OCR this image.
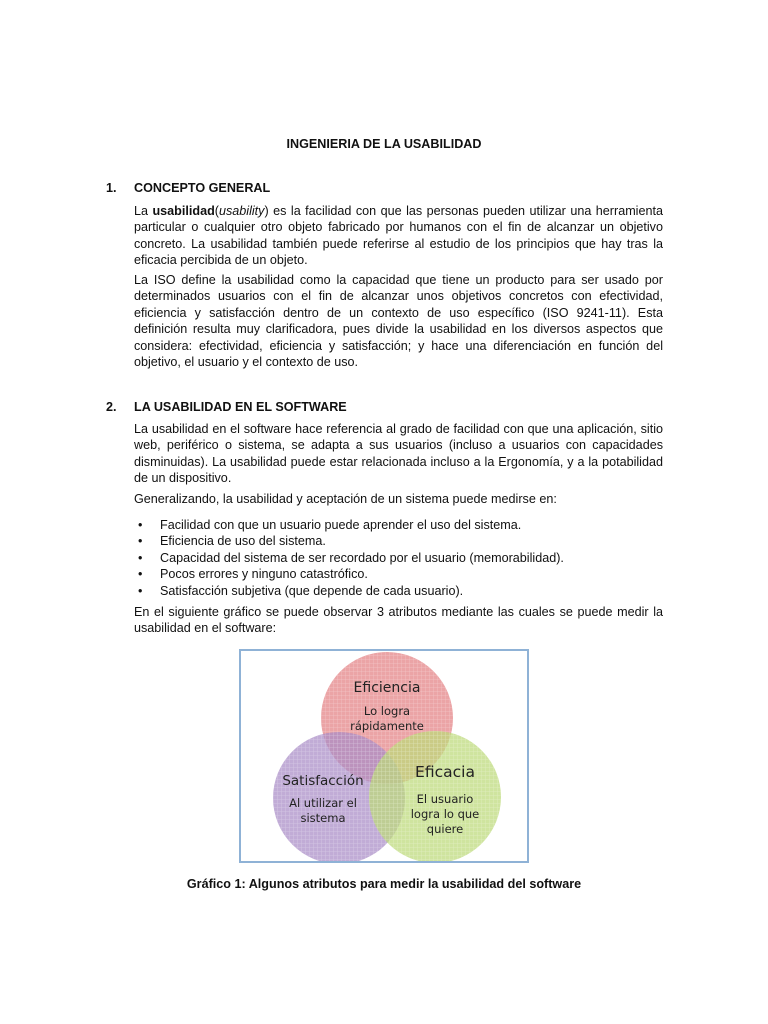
INGENIERIA DE LA USABILIDAD
1. CONCEPTO GENERAL

La usabilidad(usability) es la facilidad con que las personas pueden utilizar una herramienta particular o cualquier otro objeto fabricado por humanos con el fin de alcanzar un objetivo concreto. La usabilidad también puede referirse al estudio de los principios que hay tras la eficacia percibida de un objeto.

La ISO define la usabilidad como la capacidad que tiene un producto para ser usado por determinados usuarios con el fin de alcanzar unos objetivos concretos con efectividad, eficiencia y satisfacción dentro de un contexto de uso específico (ISO 9241-11). Esta definición resulta muy clarificadora, pues divide la usabilidad en los diversos aspectos que considera: efectividad, eficiencia y satisfacción; y hace una diferenciación en función del objetivo, el usuario y el contexto de uso.

2. LA USABILIDAD EN EL SOFTWARE

La usabilidad en el software hace referencia al grado de facilidad con que una aplicación, sitio web, periférico o sistema, se adapta a sus usuarios (incluso a usuarios con capacidades disminuidas). La usabilidad puede estar relacionada incluso a la Ergonomía, y a la potabilidad de un dispositivo.

Generalizando, la usabilidad y aceptación de un sistema puede medirse en:

• Facilidad con que un usuario puede aprender el uso del sistema.
• Eficiencia de uso del sistema.
• Capacidad del sistema de ser recordado por el usuario (memorabilidad).
• Pocos errores y ninguno catastrófico.
• Satisfacción subjetiva (que depende de cada usuario).

En el siguiente gráfico se puede observar 3 atributos mediante las cuales se puede medir la usabilidad en el software:

Eficiencia
Lo logra
rápidamente
Satisfacción
Al utilizar el
sistema
Eficacia
El usuario
logra lo que
quiere
Gráfico 1: Algunos atributos para medir la usabilidad del software
